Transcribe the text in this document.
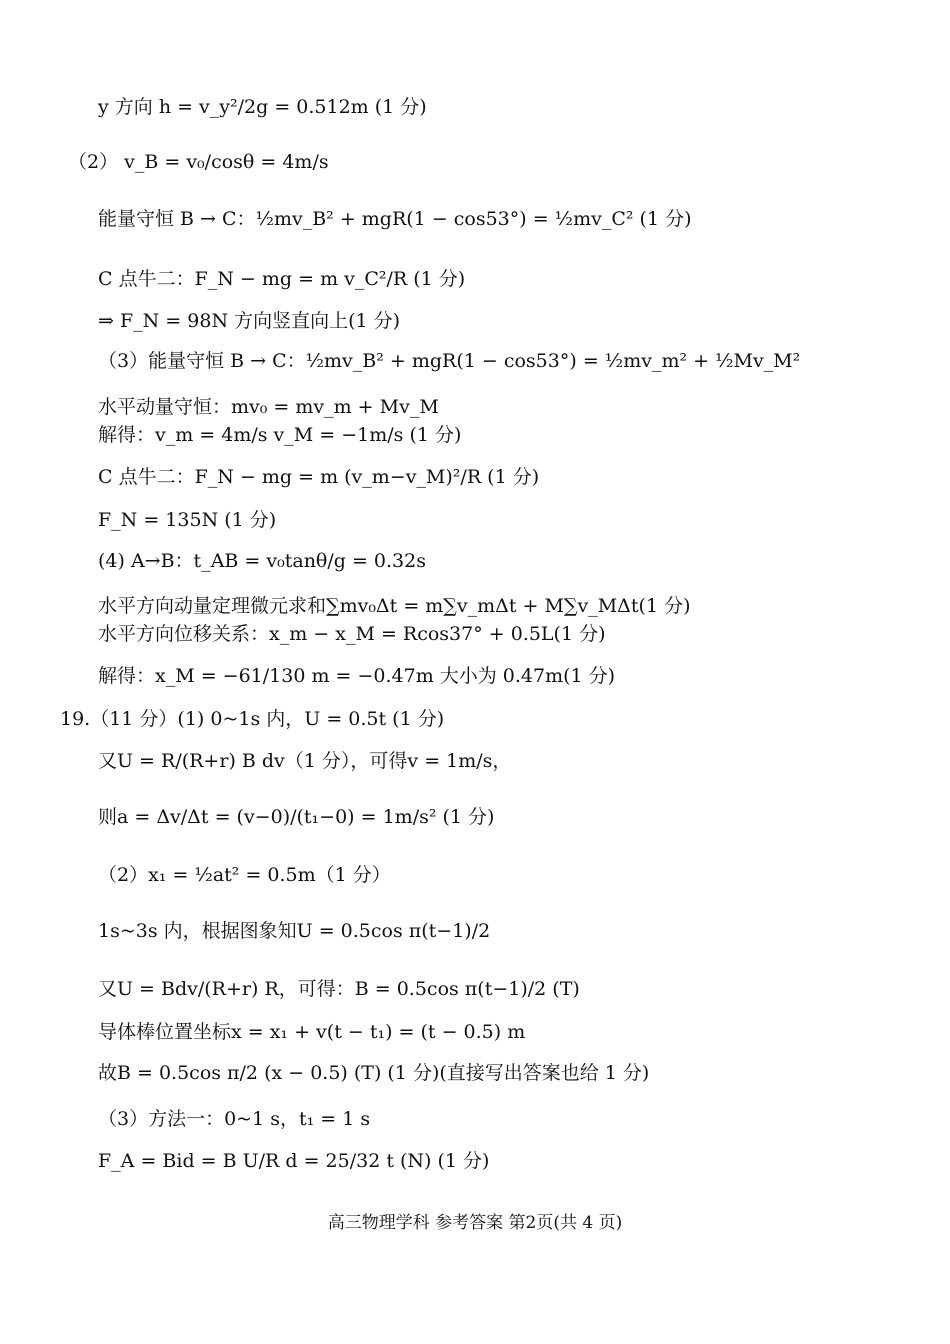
y 方向 h = v_y²/2g = 0.512m (1 分)
（2） v_B = v₀/cosθ = 4m/s
能量守恒 B → C：½mv_B² + mgR(1 − cos53°) = ½mv_C² (1 分)
C 点牛二：F_N − mg = m v_C²/R (1 分)
⇒ F_N = 98N 方向竖直向上(1 分)
（3）能量守恒 B → C：½mv_B² + mgR(1 − cos53°) = ½mv_m² + ½Mv_M²
水平动量守恒：mv₀ = mv_m + Mv_M
解得：v_m = 4m/s v_M = −1m/s (1 分)
C 点牛二：F_N − mg = m (v_m−v_M)²/R (1 分)
F_N = 135N (1 分)
(4) A→B：t_AB = v₀tanθ/g = 0.32s
水平方向动量定理微元求和∑mv₀Δt = m∑v_mΔt + M∑v_MΔt(1 分)
水平方向位移关系：x_m − x_M = Rcos37° + 0.5L(1 分)
解得：x_M = −61/130 m = −0.47m 大小为 0.47m(1 分)
19.（11 分）(1) 0~1s 内，U = 0.5t (1 分)
又U = R/(R+r) B dv（1 分），可得v = 1m/s，
则a = Δv/Δt = (v−0)/(t₁−0) = 1m/s² (1 分)
（2）x₁ = ½at² = 0.5m（1 分）
1s~3s 内，根据图象知U = 0.5cos π(t−1)/2
又U = Bdv/(R+r) R，可得：B = 0.5cos π(t−1)/2 (T)
导体棒位置坐标x = x₁ + v(t − t₁) = (t − 0.5) m
故B = 0.5cos π/2 (x − 0.5) (T) (1 分)(直接写出答案也给 1 分)
（3）方法一：0~1 s，t₁ = 1 s
F_A = Bid = B U/R d = 25/32 t (N) (1 分)
高三物理学科 参考答案 第2页(共 4 页)
